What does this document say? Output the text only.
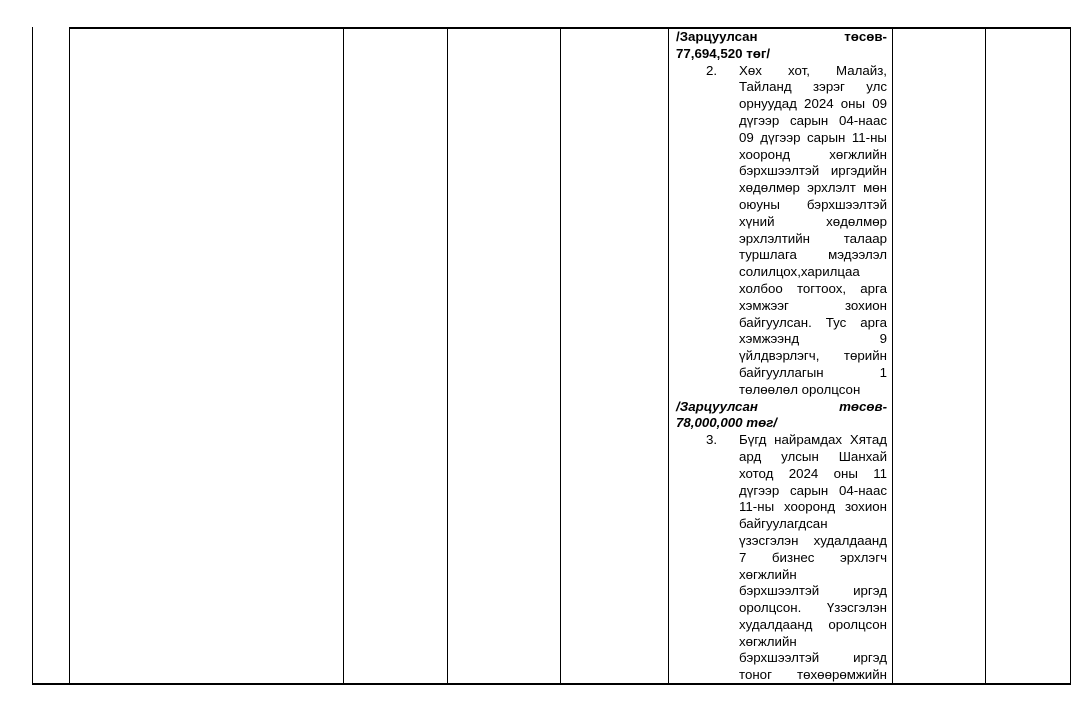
/Зарцуулсан төсөв-
77,694,520 төг/
2.	Хөх хот, Малайз,
Тайланд зэрэг улс
орнуудад 2024 оны 09
дүгээр сарын 04-наас
09 дүгээр сарын 11-ны
хооронд хөгжлийн
бэрхшээлтэй иргэдийн
хөдөлмөр эрхлэлт мөн
оюуны бэрхшээлтэй
хүний хөдөлмөр
эрхлэлтийн талаар
туршлага мэдээлэл
солилцох,харилцаа
холбоо тогтоох, арга
хэмжээг зохион
байгуулсан. Тус арга
хэмжээнд 9
үйлдвэрлэгч, төрийн
байгууллагын 1
төлөөлөл оролцсон
/Зарцуулсан төсөв-
78,000,000 төг/
3.	Бүгд найрамдах Хятад
ард улсын Шанхай
хотод 2024 оны 11
дүгээр сарын 04-наас
11-ны хооронд зохион
байгуулагдсан
үзэсгэлэн худалдаанд
7 бизнес эрхлэгч
хөгжлийн
бэрхшээлтэй иргэд
оролцсон. Үзэсгэлэн
худалдаанд оролцсон
хөгжлийн
бэрхшээлтэй иргэд
тоног төхөөрөмжийн
